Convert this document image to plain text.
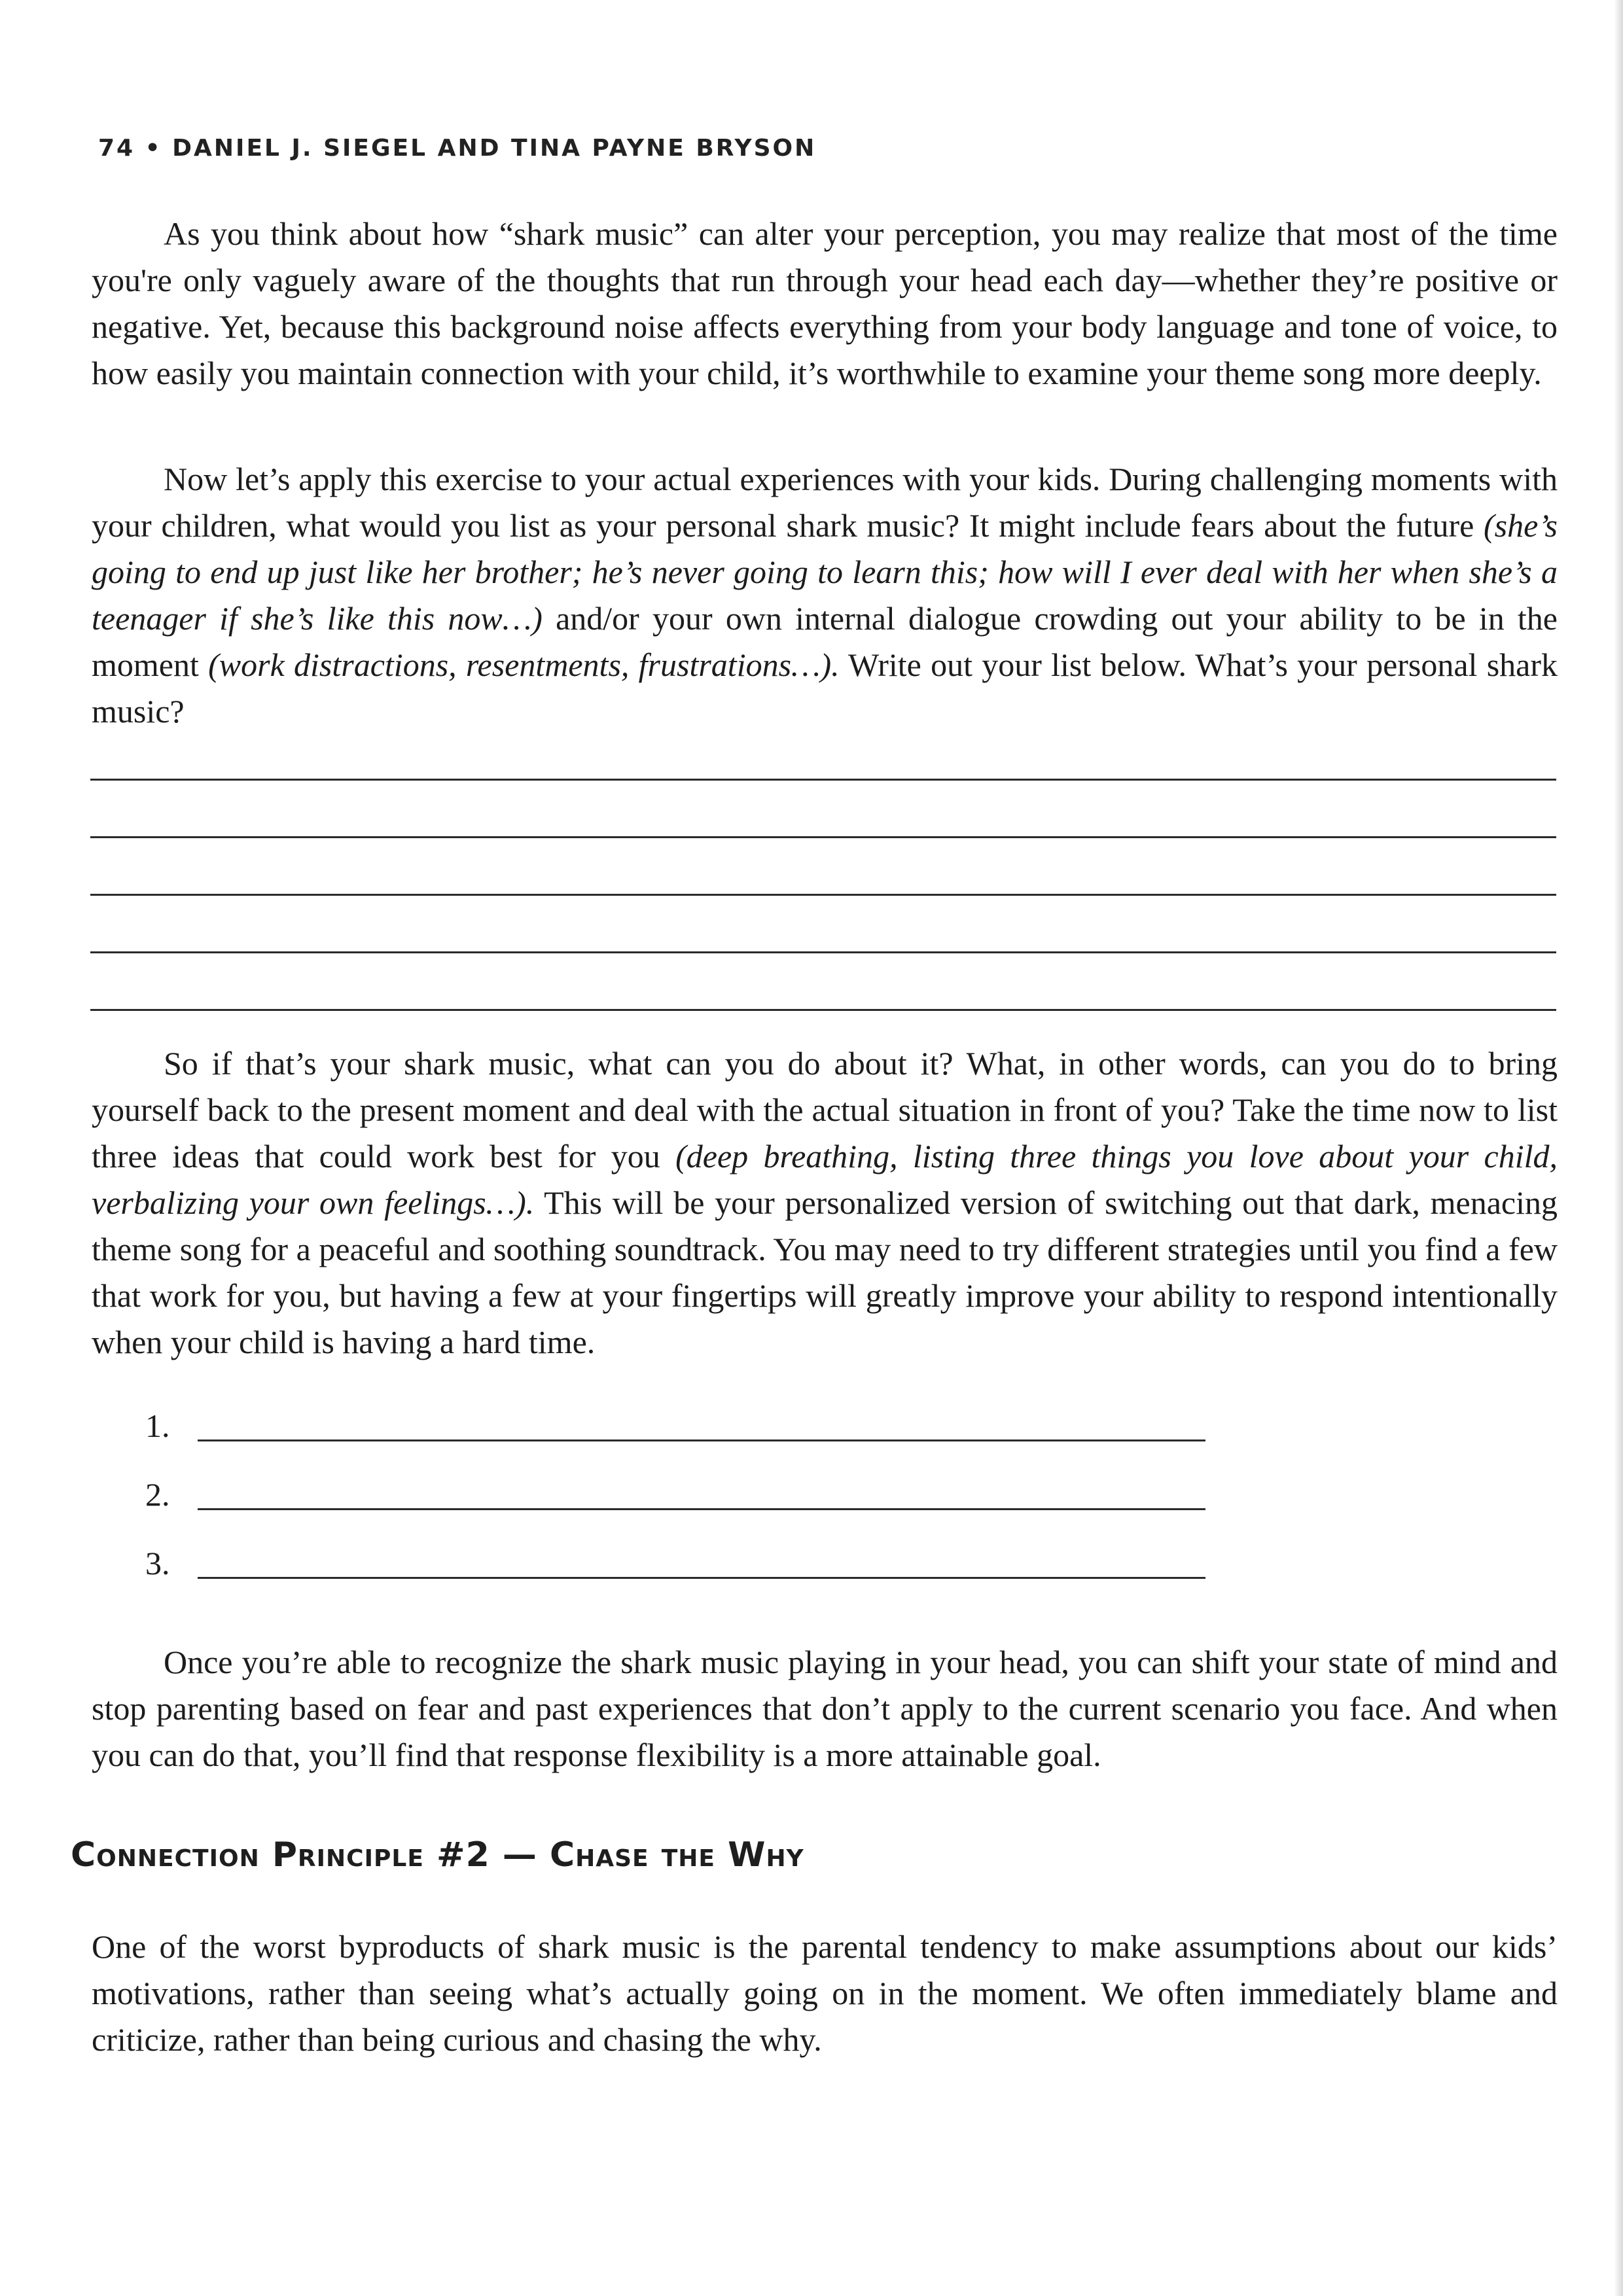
74 • DANIEL J. SIEGEL AND TINA PAYNE BRYSON

As you think about how “shark music” can alter your perception, you may realize that most of the time you're only vaguely aware of the thoughts that run through your head each day—whether they’re positive or negative. Yet, because this background noise affects everything from your body language and tone of voice, to how easily you maintain connection with your child, it’s worthwhile to examine your theme song more deeply.

Now let’s apply this exercise to your actual experiences with your kids. During challenging moments with your children, what would you list as your personal shark music? It might include fears about the future (she’s going to end up just like her brother; he’s never going to learn this; how will I ever deal with her when she’s a teenager if she’s like this now…) and/or your own internal dialogue crowding out your ability to be in the moment (work distractions, resentments, frustrations…). Write out your list below. What’s your personal shark music?

So if that’s your shark music, what can you do about it? What, in other words, can you do to bring yourself back to the present moment and deal with the actual situation in front of you? Take the time now to list three ideas that could work best for you (deep breathing, listing three things you love about your child, verbalizing your own feelings…). This will be your personalized version of switching out that dark, menacing theme song for a peaceful and soothing soundtrack. You may need to try different strategies until you find a few that work for you, but having a few at your fingertips will greatly improve your ability to respond intentionally when your child is having a hard time.

1.
2.
3.

Once you’re able to recognize the shark music playing in your head, you can shift your state of mind and stop parenting based on fear and past experiences that don’t apply to the current scenario you face. And when you can do that, you’ll find that response flexibility is a more attainable goal.

Connection Principle #2 — Chase the Why

One of the worst byproducts of shark music is the parental tendency to make assumptions about our kids’ motivations, rather than seeing what’s actually going on in the moment. We often immediately blame and criticize, rather than being curious and chasing the why.
